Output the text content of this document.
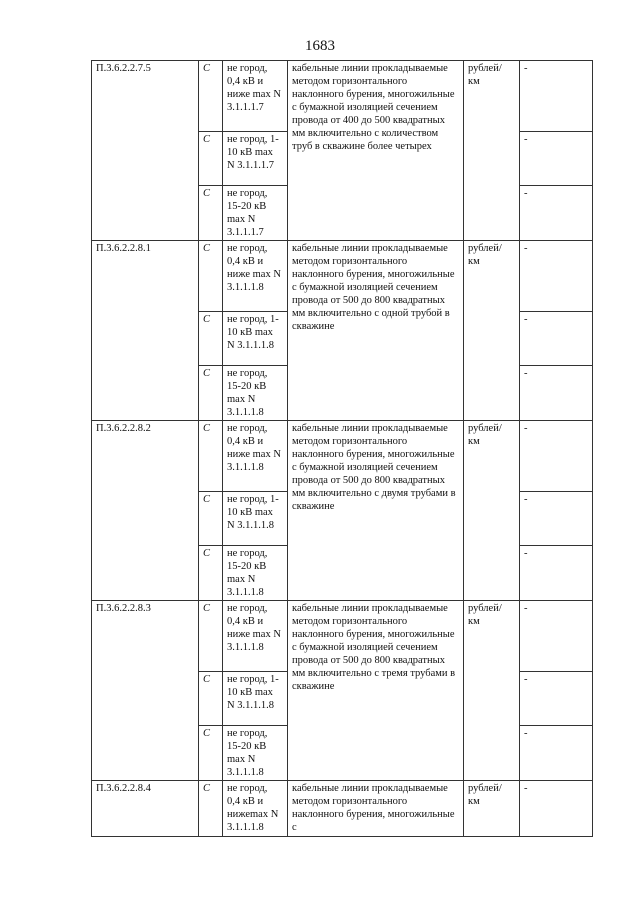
1683
П.3.6.2.2.7.5	С	не город, 0,4 кВ и ниже max N 3.1.1.1.7	кабельные линии прокладываемые методом горизонтального наклонного бурения, многожильные с бумажной изоляцией сечением провода от 400 до 500 квадратных мм включительно с количеством труб в скважине более четырех	рублей/ км	-
	С	не город, 1-10 кВ max N 3.1.1.1.7			-
	С	не город, 15-20 кВ max N 3.1.1.1.7			-
П.3.6.2.2.8.1	С	не город, 0,4 кВ и ниже max N 3.1.1.1.8	кабельные линии прокладываемые методом горизонтального наклонного бурения, многожильные с бумажной изоляцией сечением провода от 500 до 800 квадратных мм включительно с одной трубой в скважине	рублей/ км	-
	С	не город, 1-10 кВ max N 3.1.1.1.8			-
	С	не город, 15-20 кВ max N 3.1.1.1.8			-
П.3.6.2.2.8.2	С	не город, 0,4 кВ и ниже max N 3.1.1.1.8	кабельные линии прокладываемые методом горизонтального наклонного бурения, многожильные с бумажной изоляцией сечением провода от 500 до 800 квадратных мм включительно с двумя трубами в скважине	рублей/ км	-
	С	не город, 1-10 кВ max N 3.1.1.1.8			-
	С	не город, 15-20 кВ max N 3.1.1.1.8			-
П.3.6.2.2.8.3	С	не город, 0,4 кВ и ниже max N 3.1.1.1.8	кабельные линии прокладываемые методом горизонтального наклонного бурения, многожильные с бумажной изоляцией сечением провода от 500 до 800 квадратных мм включительно с тремя трубами в скважине	рублей/ км	-
	С	не город, 1-10 кВ max N 3.1.1.1.8			-
	С	не город, 15-20 кВ max N 3.1.1.1.8			-
П.3.6.2.2.8.4	С	не город, 0,4 кВ и нижеmax N 3.1.1.1.8	кабельные линии прокладываемые методом горизонтального наклонного бурения, многожильные с	рублей/ км	-
